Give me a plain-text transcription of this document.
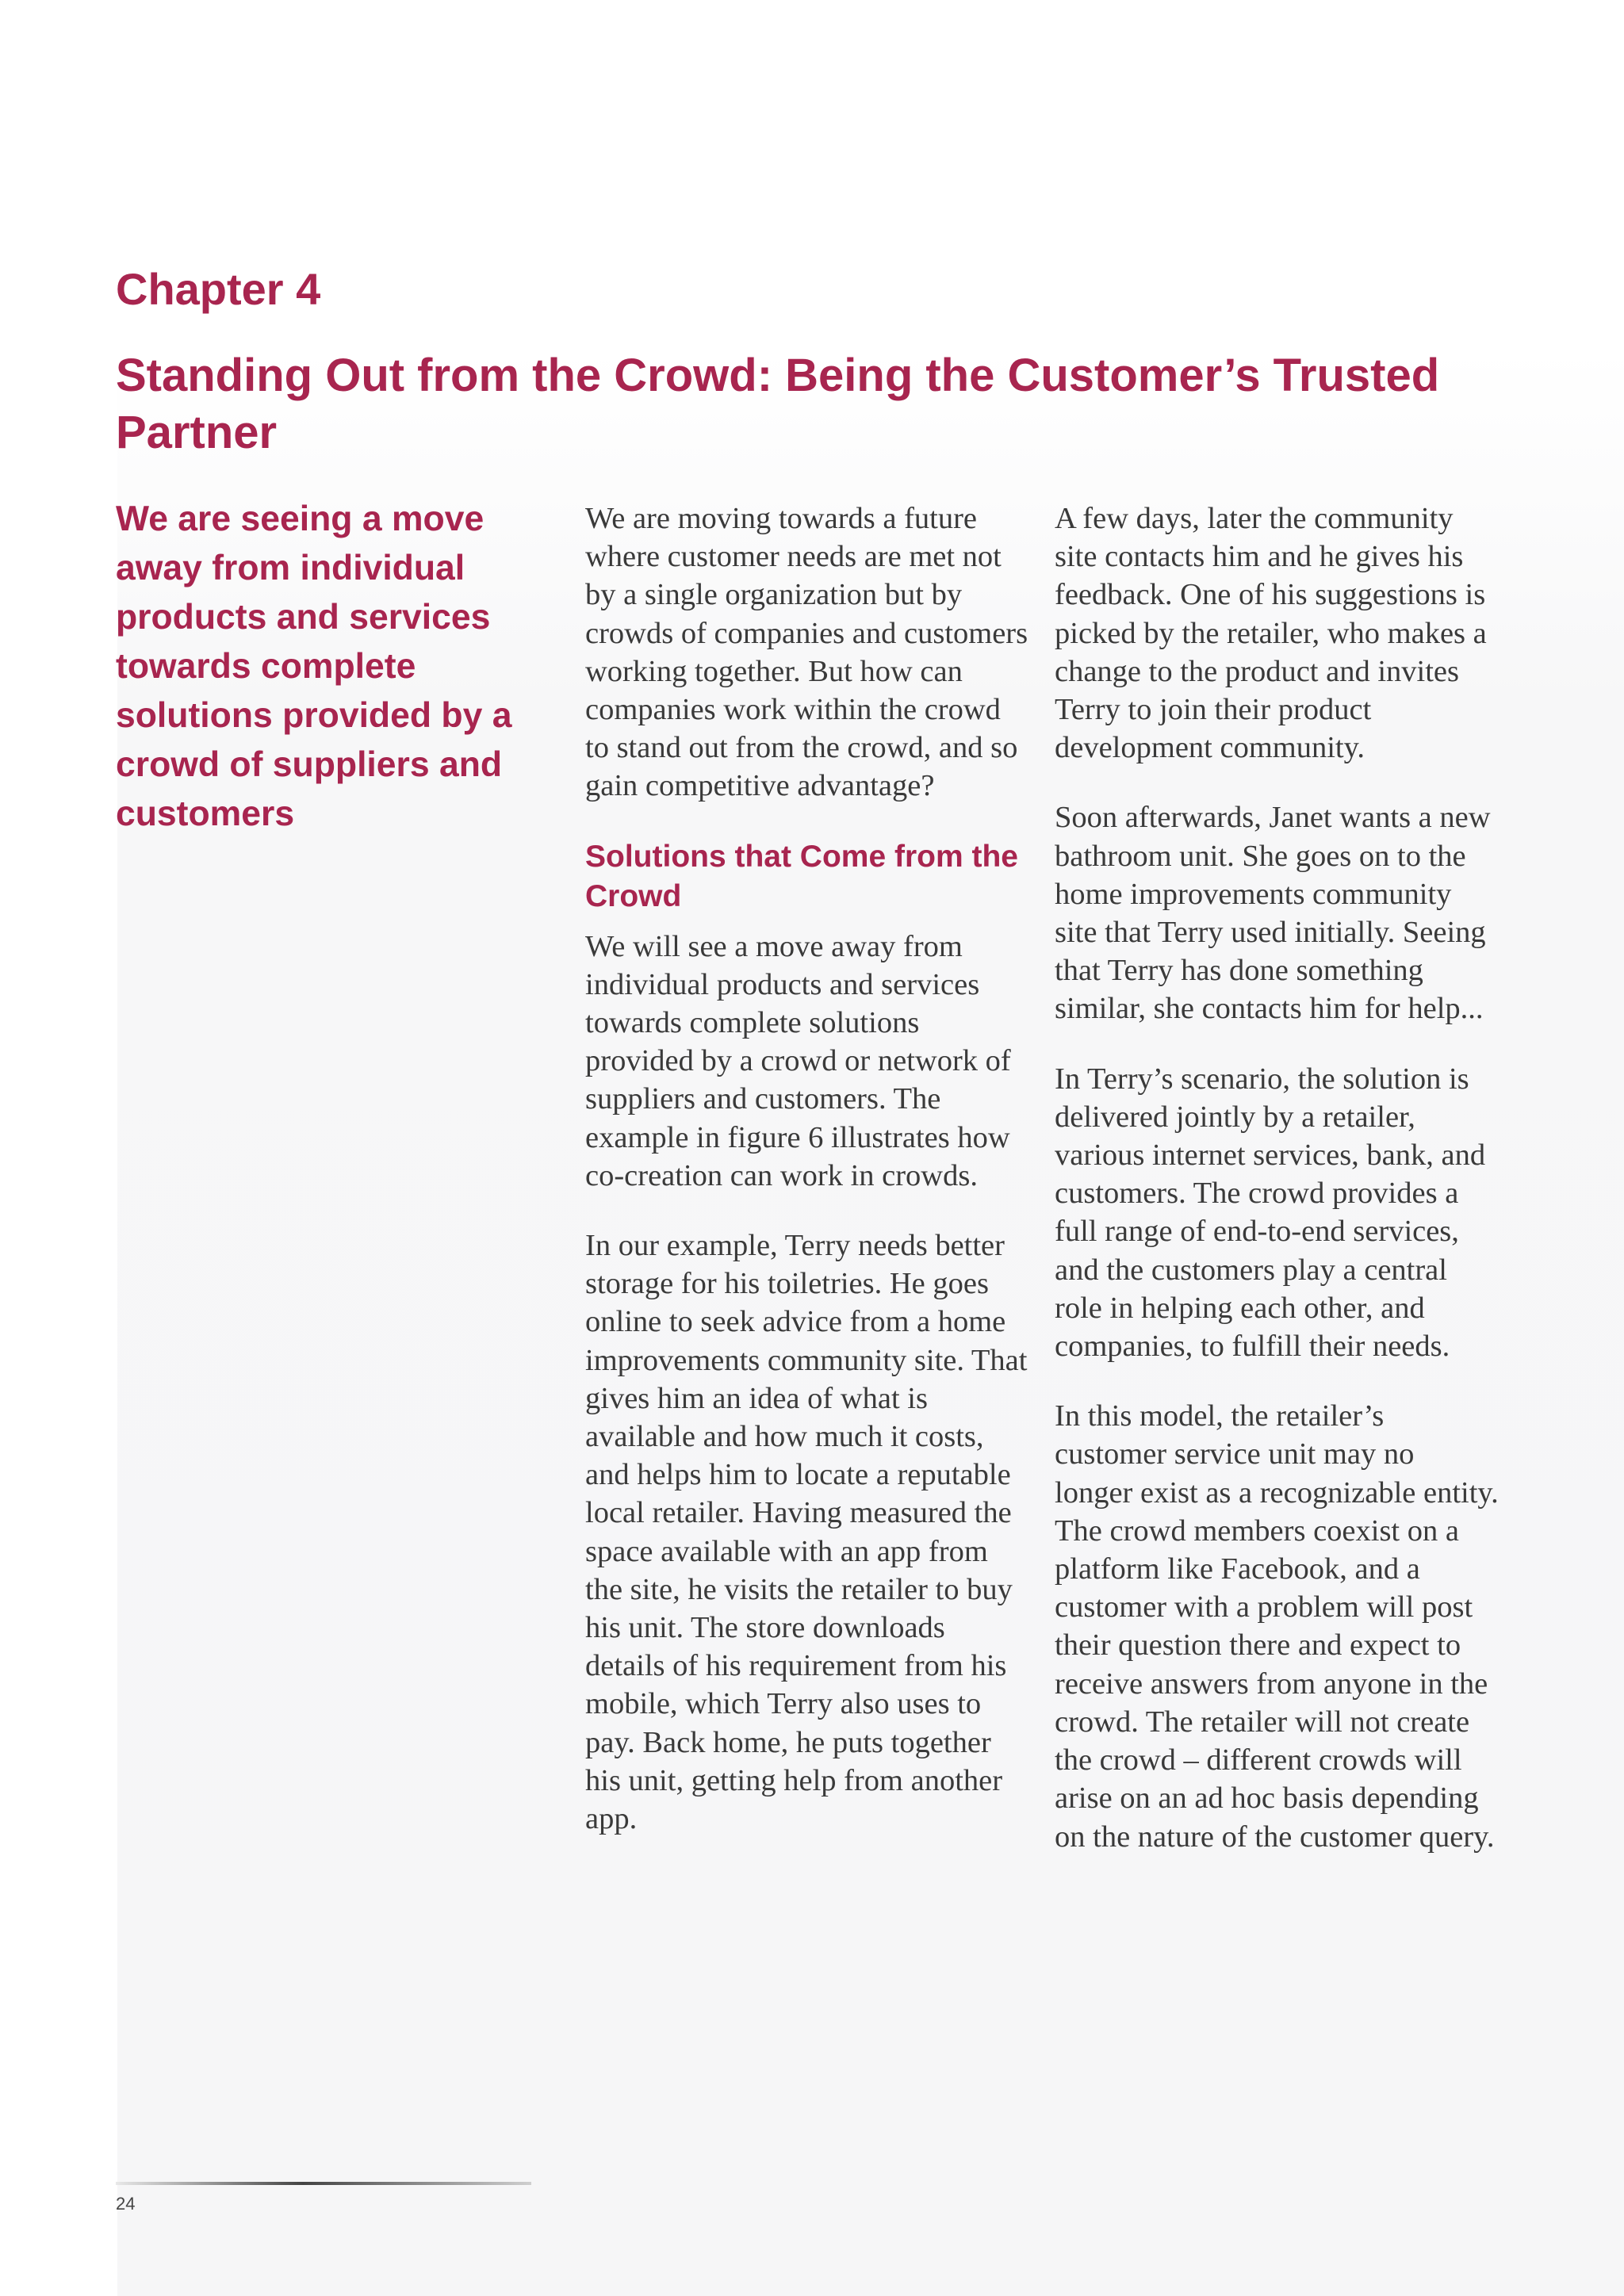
Chapter 4
Standing Out from the Crowd: Being the Customer’s Trusted Partner

We are seeing a move away from individual products and services towards complete solutions provided by a crowd of suppliers and customers

We are moving towards a future where customer needs are met not by a single organization but by crowds of companies and customers working together. But how can companies work within the crowd to stand out from the crowd, and so gain competitive advantage?

Solutions that Come from the Crowd

We will see a move away from individual products and services towards complete solutions provided by a crowd or network of suppliers and customers. The example in figure 6 illustrates how co-creation can work in crowds.

In our example, Terry needs better storage for his toiletries. He goes online to seek advice from a home improvements community site. That gives him an idea of what is available and how much it costs, and helps him to locate a reputable local retailer. Having measured the space available with an app from the site, he visits the retailer to buy his unit. The store downloads details of his requirement from his mobile, which Terry also uses to pay. Back home, he puts together his unit, getting help from another app.

A few days, later the community site contacts him and he gives his feedback. One of his suggestions is picked by the retailer, who makes a change to the product and invites Terry to join their product development community.

Soon afterwards, Janet wants a new bathroom unit. She goes on to the home improvements community site that Terry used initially. Seeing that Terry has done something similar, she contacts him for help...

In Terry’s scenario, the solution is delivered jointly by a retailer, various internet services, bank, and customers. The crowd provides a full range of end-to-end services, and the customers play a central role in helping each other, and companies, to fulfill their needs.

In this model, the retailer’s customer service unit may no longer exist as a recognizable entity. The crowd members coexist on a platform like Facebook, and a customer with a problem will post their question there and expect to receive answers from anyone in the crowd. The retailer will not create the crowd – different crowds will arise on an ad hoc basis depending on the nature of the customer query.

24
